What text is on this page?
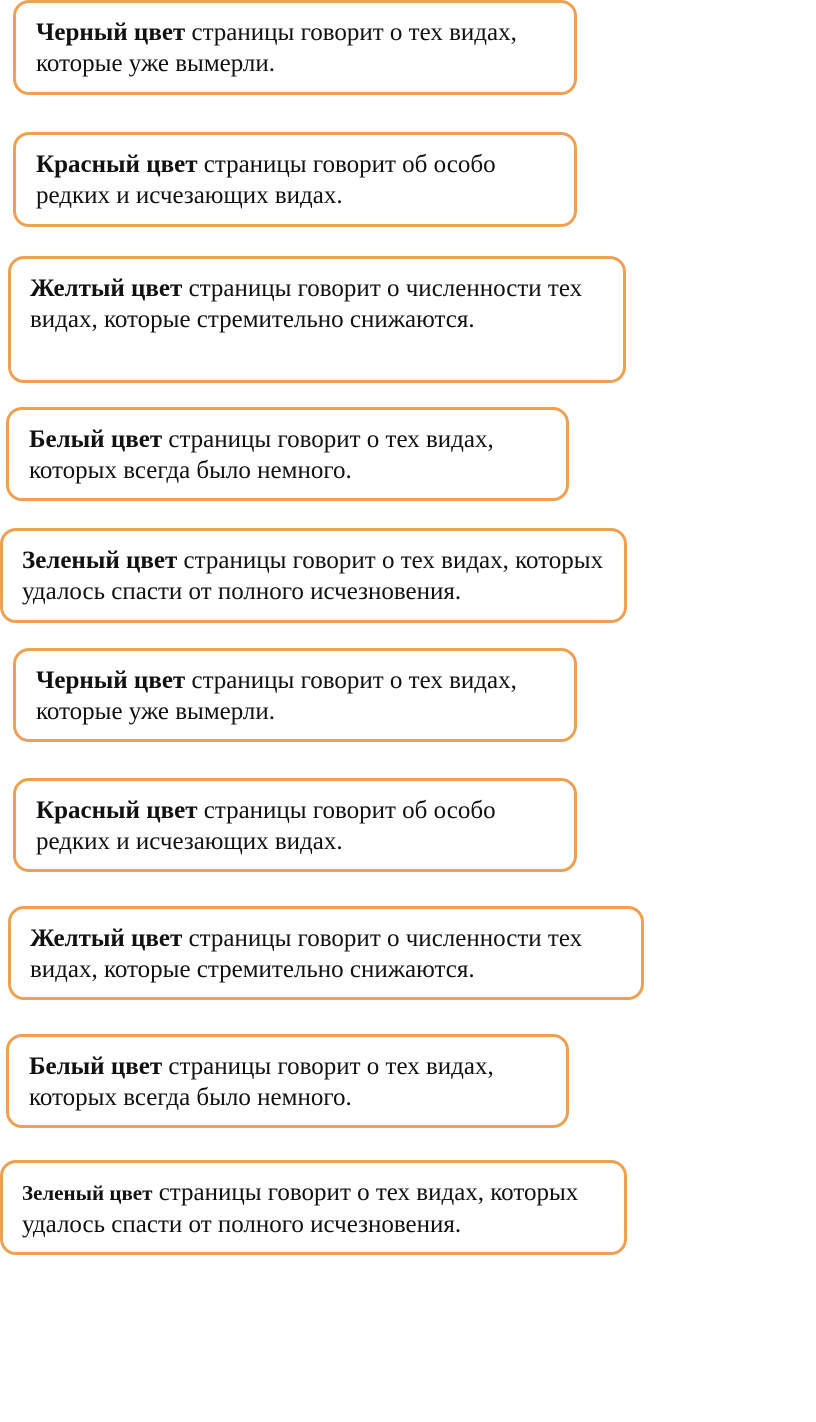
Черный цвет страницы говорит о тех видах, которые уже вымерли.
Красный цвет страницы говорит об особо редких и исчезающих видах.
Желтый цвет страницы говорит о численности тех видах, которые стремительно снижаются.
Белый цвет страницы говорит о тех видах, которых всегда было немного.
Зеленый цвет страницы говорит о тех видах, которых удалось спасти от полного исчезновения.
Черный цвет страницы говорит о тех видах, которые уже вымерли.
Красный цвет страницы говорит об особо редких и исчезающих видах.
Желтый цвет страницы говорит о численности тех видах, которые стремительно снижаются.
Белый цвет страницы говорит о тех видах, которых всегда было немного.
Зеленый цвет страницы говорит о тех видах, которых удалось спасти от полного исчезновения.
